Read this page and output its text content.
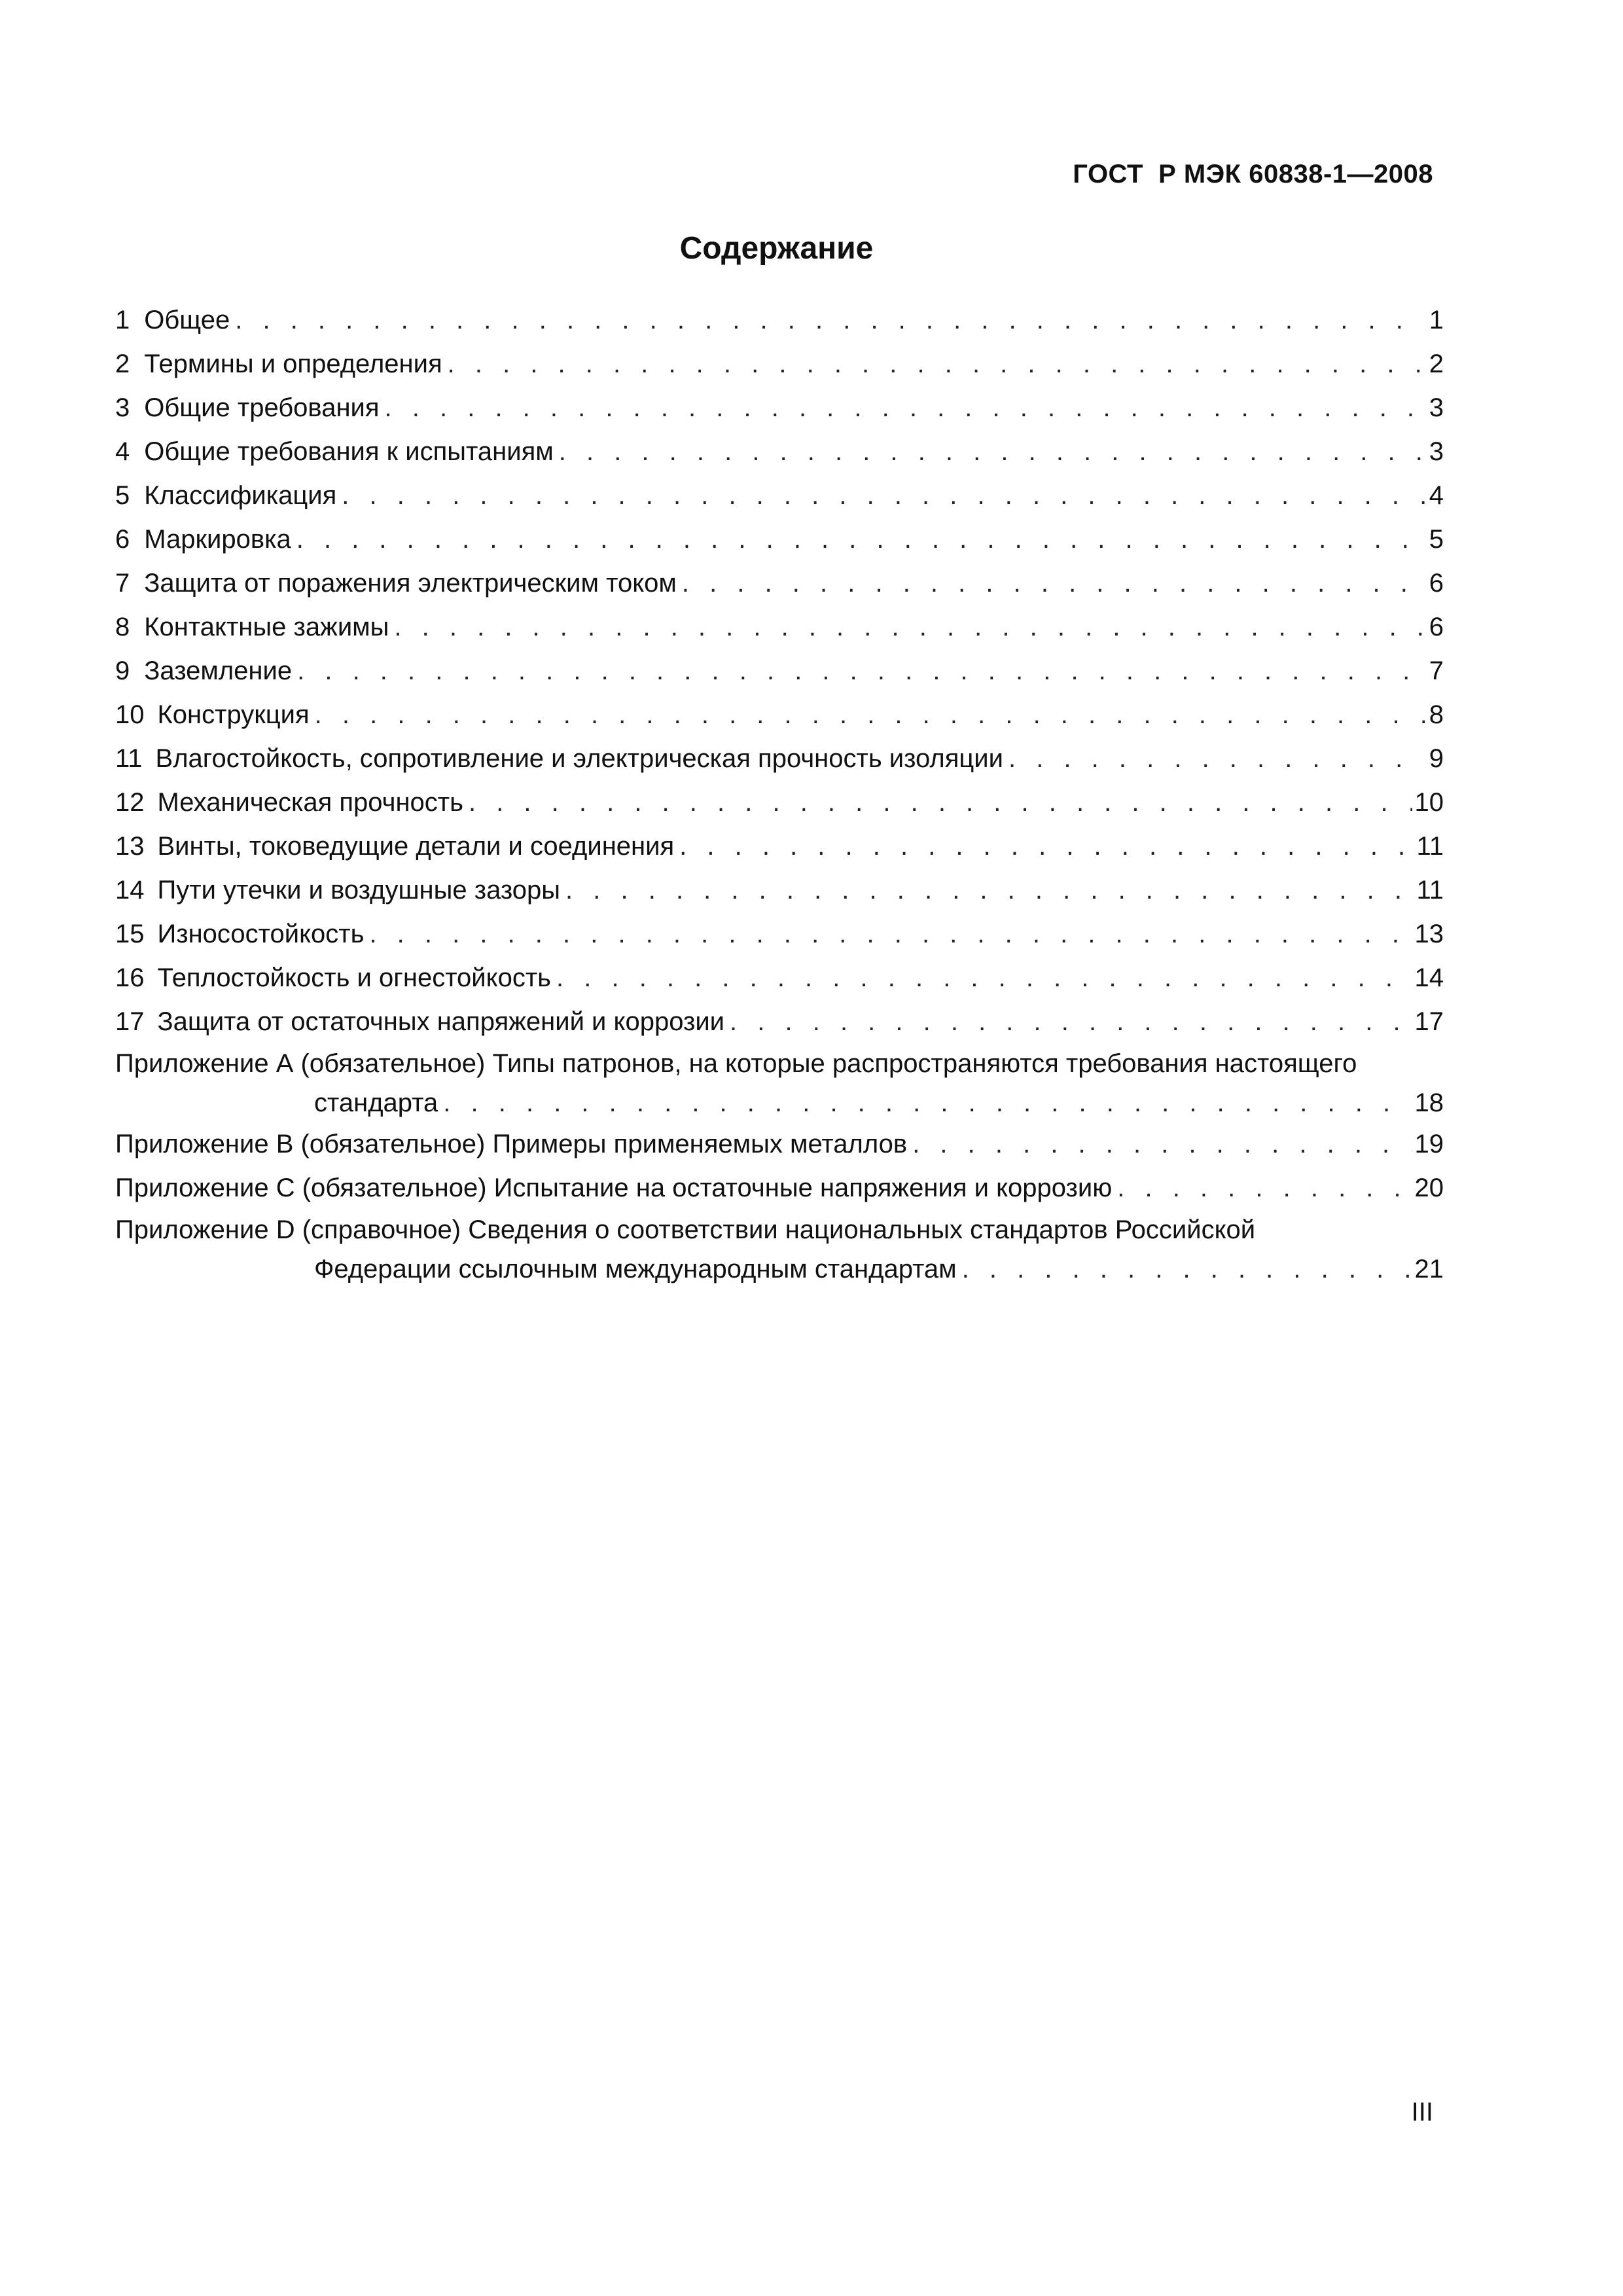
ГОСТ  Р МЭК 60838-1—2008
Содержание
1 Общее . . .	1
2 Термины и определения . . .	2
3 Общие требования . . .	3
4 Общие требования к испытаниям . . .	3
5 Классификация . . .	4
6 Маркировка . . .	5
7 Защита от поражения электрическим током . . .	6
8 Контактные зажимы . . .	6
9 Заземление . . .	7
10 Конструкция . . .	8
11 Влагостойкость, сопротивление и электрическая прочность изоляции . . .	9
12 Механическая прочность . . .	10
13 Винты, токоведущие детали и соединения . . .	11
14 Пути утечки и воздушные зазоры . . .	11
15 Износостойкость . . .	13
16 Теплостойкость и огнестойкость . . .	14
17 Защита от остаточных напряжений и коррозии . . .	17
Приложение А (обязательное) Типы патронов, на которые распространяются требования настоящего
стандарта . . .	18
Приложение В (обязательное) Примеры применяемых металлов . . .	19
Приложение С (обязательное) Испытание на остаточные напряжения и коррозию . . .	20
Приложение D (справочное) Сведения о соответствии национальных стандартов Российской
Федерации ссылочным международным стандартам . . .	21
III
